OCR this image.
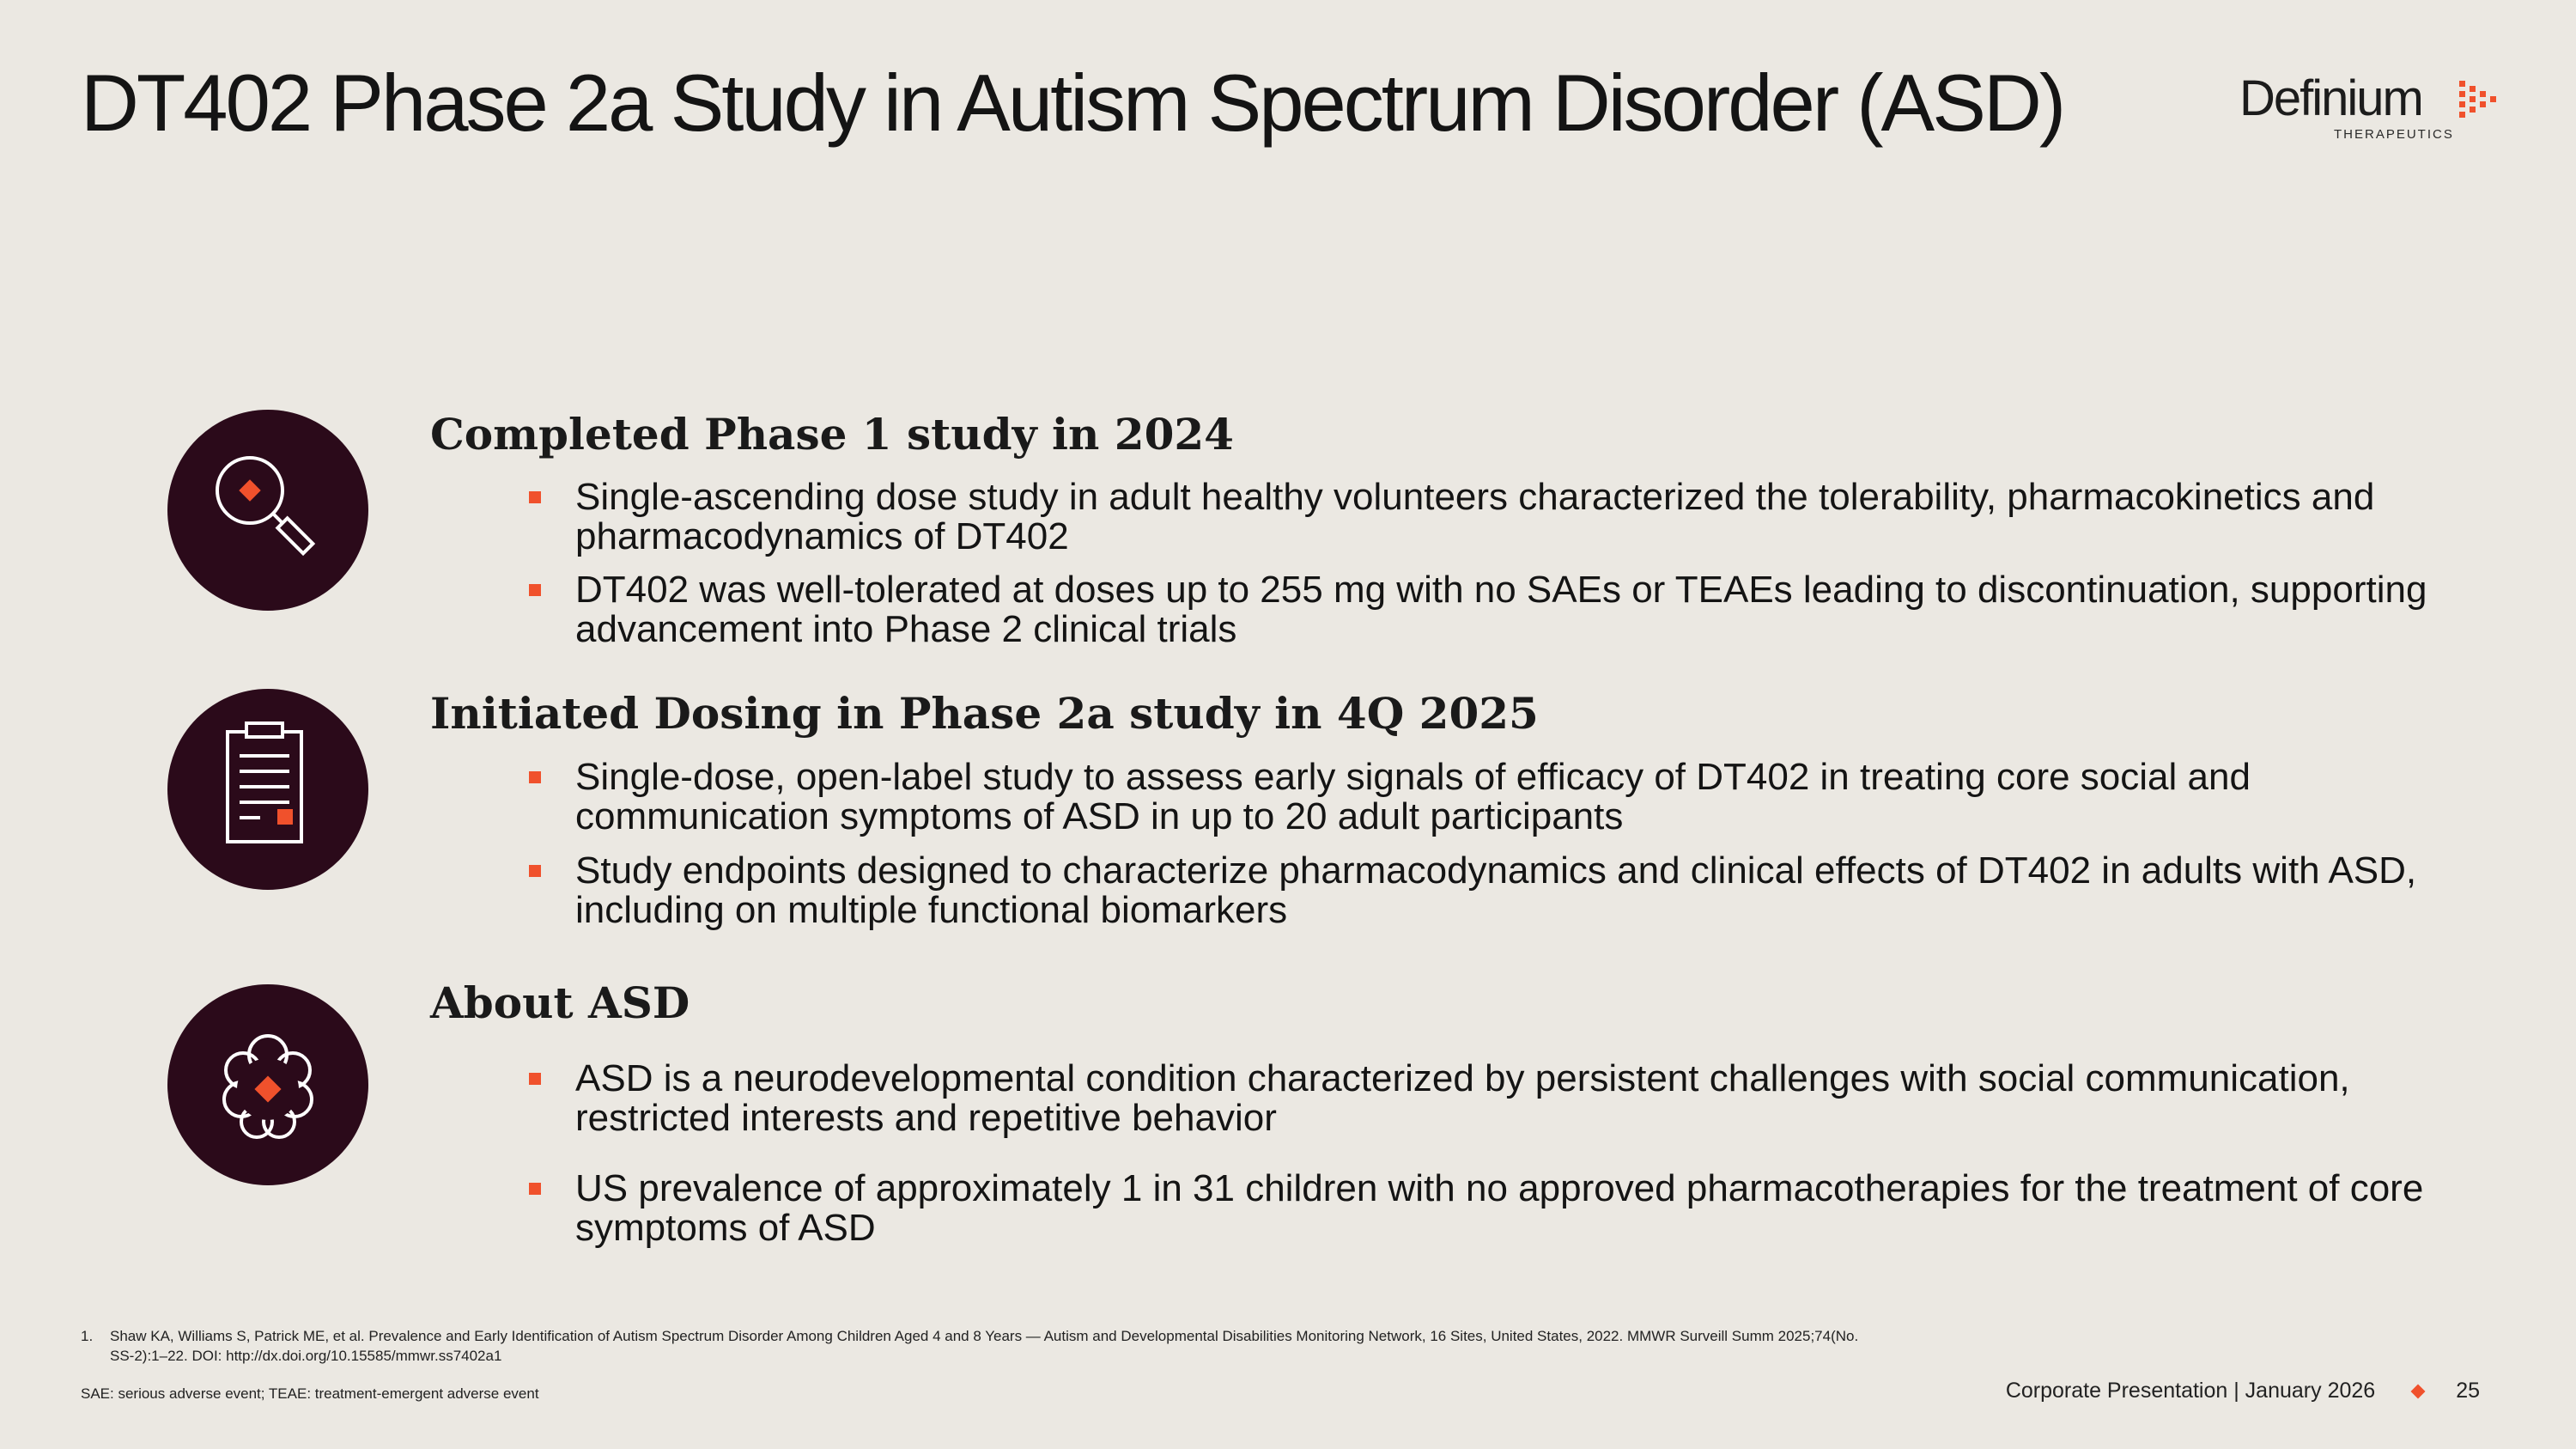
DT402 Phase 2a Study in Autism Spectrum Disorder (ASD)	Definium
THERAPEUTICS
Completed Phase 1 study in 2024
Single-ascending dose study in adult healthy volunteers characterized the tolerability, pharmacokinetics and pharmacodynamics of DT402
DT402 was well-tolerated at doses up to 255 mg with no SAEs or TEAEs leading to discontinuation, supporting advancement into Phase 2 clinical trials
Initiated Dosing in Phase 2a study in 4Q 2025
Single-dose, open-label study to assess early signals of efficacy of DT402 in treating core social and communication symptoms of ASD in up to 20 adult participants
Study endpoints designed to characterize pharmacodynamics and clinical effects of DT402 in adults with ASD, including on multiple functional biomarkers
About ASD
ASD is a neurodevelopmental condition characterized by persistent challenges with social communication, restricted interests and repetitive behavior
US prevalence of approximately 1 in 31 children with no approved pharmacotherapies for the treatment of core symptoms of ASD
1.	Shaw KA, Williams S, Patrick ME, et al. Prevalence and Early Identification of Autism Spectrum Disorder Among Children Aged 4 and 8 Years — Autism and Developmental Disabilities Monitoring Network, 16 Sites, United States, 2022. MMWR Surveill Summ 2025;74(No. SS-2):1–22. DOI: http://dx.doi.org/10.15585/mmwr.ss7402a1
SAE: serious adverse event; TEAE: treatment-emergent adverse event	Corporate Presentation | January 2026	25
